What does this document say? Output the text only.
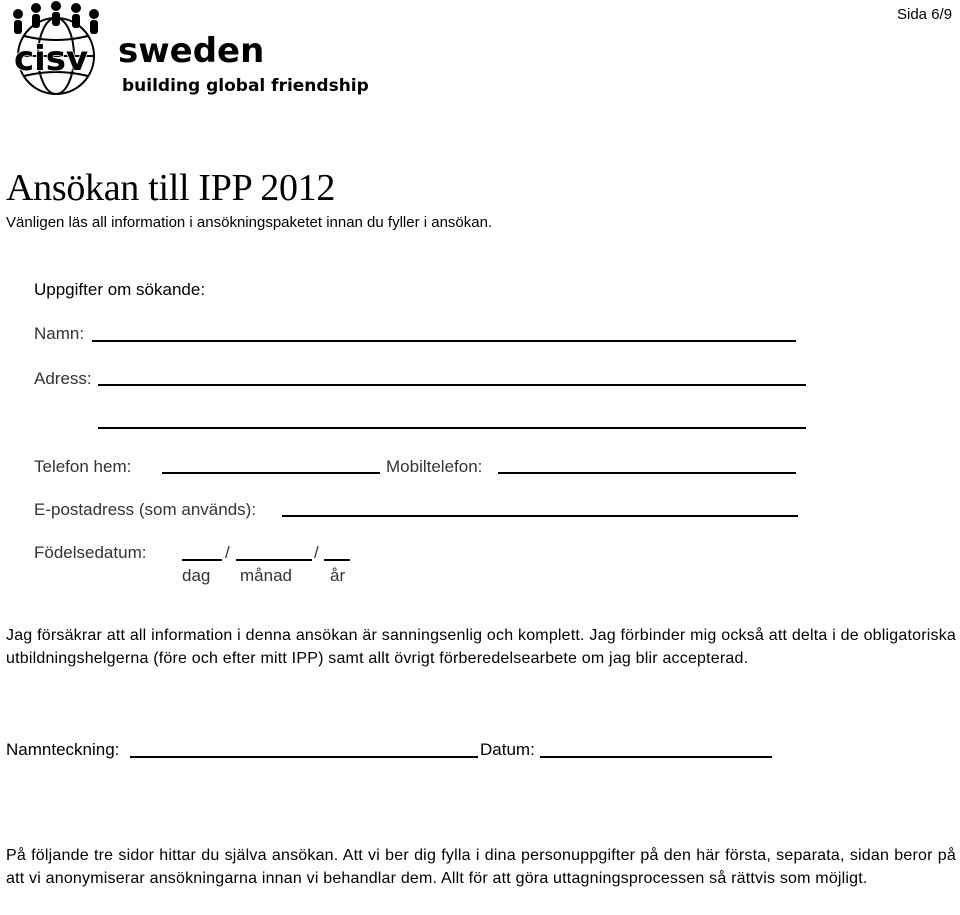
cisv sweden
building global friendship
Sida 6/9
Ansökan till IPP 2012
Vänligen läs all information i ansökningspaketet innan du fyller i ansökan.
Uppgifter om sökande:
Namn:
Adress:
Telefon hem:	Mobiltelefon:
E-postadress (som används):
Födelsedatum:	/	/
dag månad år
Jag försäkrar att all information i denna ansökan är sanningsenlig och komplett. Jag förbinder mig också att delta i de obligatoriska utbildningshelgerna (före och efter mitt IPP) samt allt övrigt förberedelsearbete om jag blir accepterad.
Namnteckning:	Datum:
På följande tre sidor hittar du själva ansökan. Att vi ber dig fylla i dina personuppgifter på den här första, separata, sidan beror på att vi anonymiserar ansökningarna innan vi behandlar dem. Allt för att göra uttagningsprocessen så rättvis som möjligt.
